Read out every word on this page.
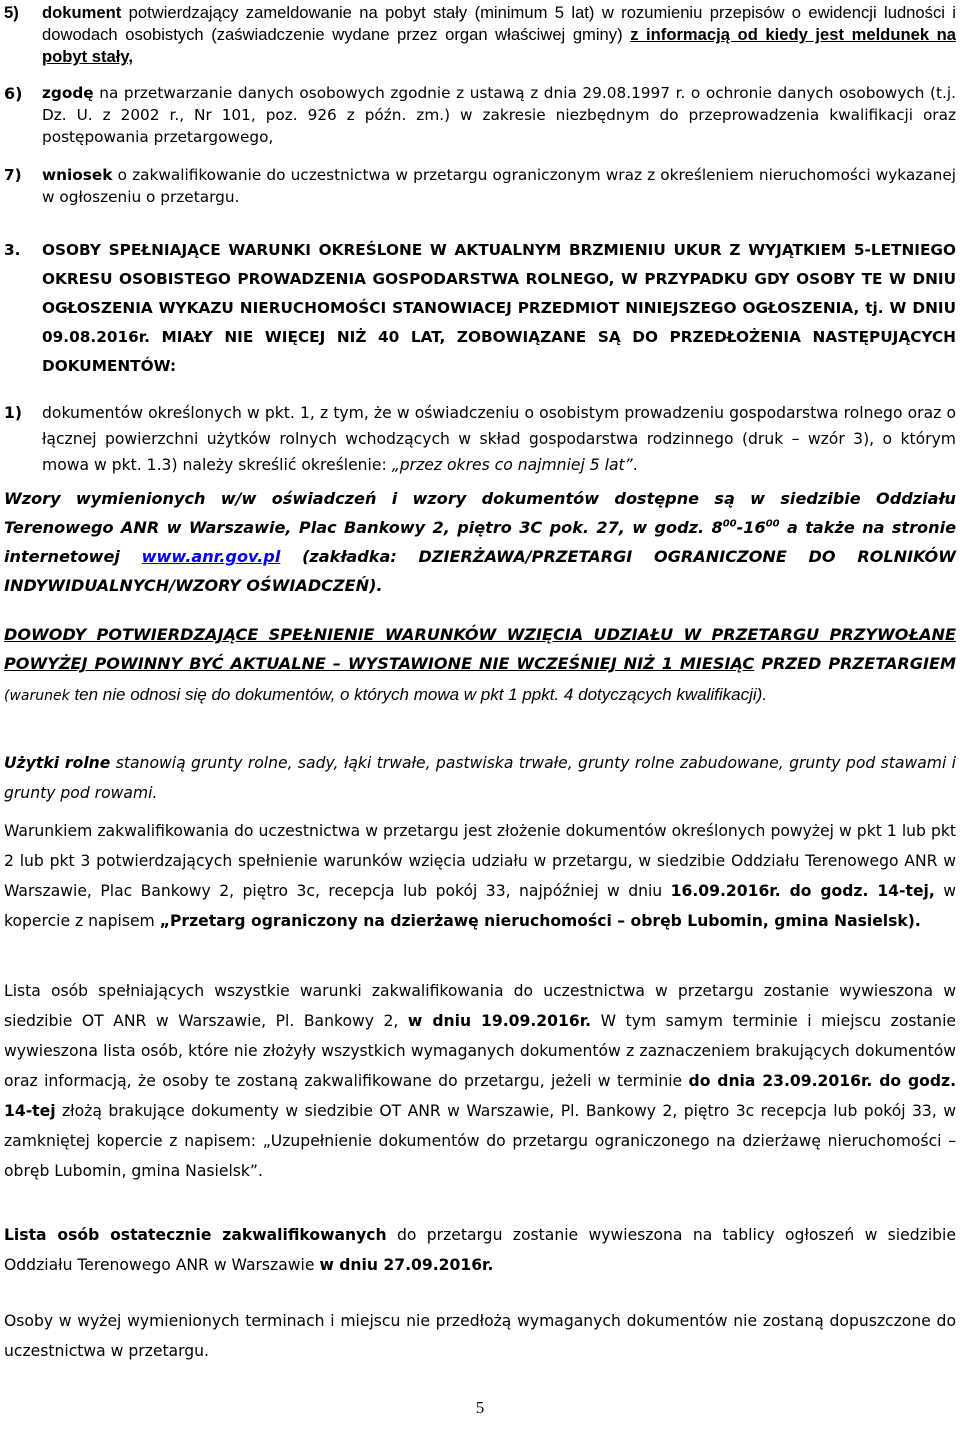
5) dokument potwierdzający zameldowanie na pobyt stały (minimum 5 lat) w rozumieniu przepisów o ewidencji ludności i dowodach osobistych (zaświadczenie wydane przez organ właściwej gminy) z informacją od kiedy jest meldunek na pobyt stały,
6) zgodę na przetwarzanie danych osobowych zgodnie z ustawą z dnia 29.08.1997 r. o ochronie danych osobowych (t.j. Dz. U. z 2002 r., Nr 101, poz. 926 z późn. zm.) w zakresie niezbędnym do przeprowadzenia kwalifikacji oraz postępowania przetargowego,
7) wniosek o zakwalifikowanie do uczestnictwa w przetargu ograniczonym wraz z określeniem nieruchomości wykazanej w ogłoszeniu o przetargu.
3. OSOBY SPEŁNIAJĄCE WARUNKI OKREŚLONE W AKTUALNYM BRZMIENIU UKUR Z WYJĄTKIEM 5-LETNIEGO OKRESU OSOBISTEGO PROWADZENIA GOSPODARSTWA ROLNEGO, W PRZYPADKU GDY OSOBY TE W DNIU OGŁOSZENIA WYKAZU NIERUCHOMOŚCI STANOWIACEJ PRZEDMIOT NINIEJSZEGO OGŁOSZENIA, tj. W DNIU 09.08.2016r. MIAŁY NIE WIĘCEJ NIŻ 40 LAT, ZOBOWIĄZANE SĄ DO PRZEDŁOŻENIA NASTĘPUJĄCYCH DOKUMENTÓW:
1) dokumentów określonych w pkt. 1, z tym, że w oświadczeniu o osobistym prowadzeniu gospodarstwa rolnego oraz o łącznej powierzchni użytków rolnych wchodzących w skład gospodarstwa rodzinnego (druk – wzór 3), o którym mowa w pkt. 1.3) należy skreślić określenie: „przez okres co najmniej 5 lat”.
Wzory wymienionych w/w oświadczeń i wzory dokumentów dostępne są w siedzibie Oddziału Terenowego ANR w Warszawie, Plac Bankowy 2, piętro 3C pok. 27, w godz. $8^{00}-16^{00}$ a także na stronie internetowej www.anr.gov.pl (zakładka: DZIERŻAWA/PRZETARGI OGRANICZONE DO ROLNIKÓW INDYWIDUALNYCH/WZORY OŚWIADCZEŃ).
DOWODY POTWIERDZAJĄCE SPEŁNIENIE WARUNKÓW WZIĘCIA UDZIAŁU W PRZETARGU PRZYWOŁANE POWYŻEJ POWINNY BYĆ AKTUALNE – WYSTAWIONE NIE WCZEŚNIEJ NIŻ 1 MIESIĄC PRZED PRZETARGIEM (warunek ten nie odnosi się do dokumentów, o których mowa w pkt 1 ppkt. 4 dotyczących kwalifikacji).
Użytki rolne stanowią grunty rolne, sady, łąki trwałe, pastwiska trwałe, grunty rolne zabudowane, grunty pod stawami i grunty pod rowami.
Warunkiem zakwalifikowania do uczestnictwa w przetargu jest złożenie dokumentów określonych powyżej w pkt 1 lub pkt 2 lub pkt 3 potwierdzających spełnienie warunków wzięcia udziału w przetargu, w siedzibie Oddziału Terenowego ANR w Warszawie, Plac Bankowy 2, piętro 3c, recepcja lub pokój 33, najpóźniej w dniu 16.09.2016r. do godz. 14-tej, w kopercie z napisem „Przetarg ograniczony na dzierżawę nieruchomości – obręb Lubomin, gmina Nasielsk).
Lista osób spełniających wszystkie warunki zakwalifikowania do uczestnictwa w przetargu zostanie wywieszona w siedzibie OT ANR w Warszawie, Pl. Bankowy 2, w dniu 19.09.2016r. W tym samym terminie i miejscu zostanie wywieszona lista osób, które nie złożyły wszystkich wymaganych dokumentów z zaznaczeniem brakujących dokumentów oraz informacją, że osoby te zostaną zakwalifikowane do przetargu, jeżeli w terminie do dnia 23.09.2016r. do godz. 14-tej złożą brakujące dokumenty w siedzibie OT ANR w Warszawie, Pl. Bankowy 2, piętro 3c recepcja lub pokój 33, w zamkniętej kopercie z napisem: „Uzupełnienie dokumentów do przetargu ograniczonego na dzierżawę nieruchomości – obręb Lubomin, gmina Nasielsk”.
Lista osób ostatecznie zakwalifikowanych do przetargu zostanie wywieszona na tablicy ogłoszeń w siedzibie Oddziału Terenowego ANR w Warszawie w dniu 27.09.2016r.
Osoby w wyżej wymienionych terminach i miejscu nie przedłożą wymaganych dokumentów nie zostaną dopuszczone do uczestnictwa w przetargu.
5
